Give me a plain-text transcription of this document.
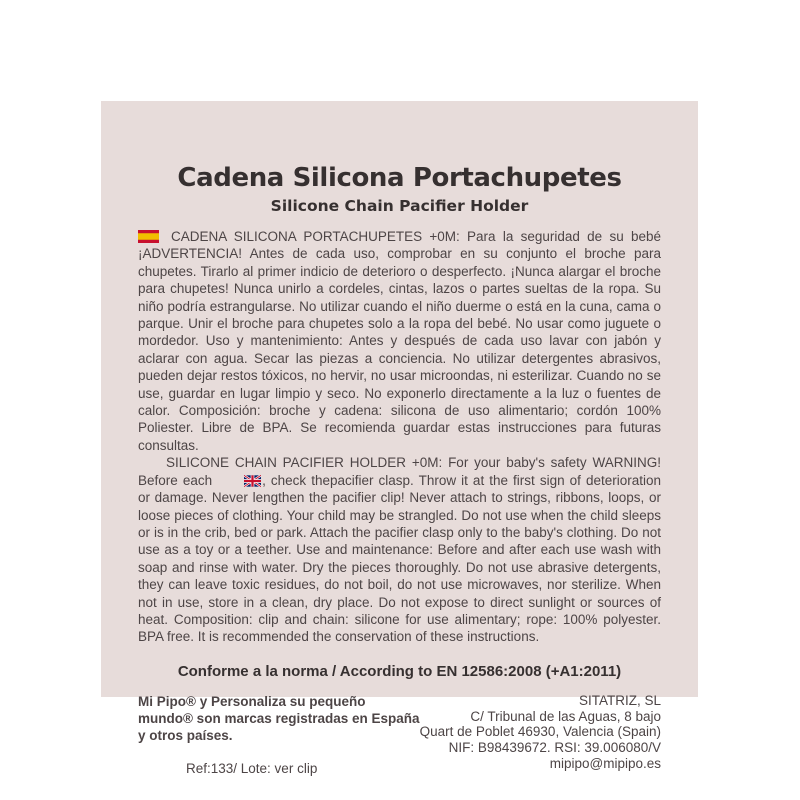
Cadena Silicona Portachupetes
Silicone Chain Pacifier Holder

CADENA SILICONA PORTACHUPETES +0M: Para la seguridad de su bebé ¡ADVERTENCIA! Antes de cada uso, comprobar en su conjunto el broche para chupetes. Tirarlo al primer indicio de deterioro o desperfecto. ¡Nunca alargar el broche para chupetes! Nunca unirlo a cordeles, cintas, lazos o partes sueltas de la ropa. Su niño podría estrangularse. No utilizar cuando el niño duerme o está en la cuna, cama o parque. Unir el broche para chupetes solo a la ropa del bebé. No usar como juguete o mordedor. Uso y mantenimiento: Antes y después de cada uso lavar con jabón y aclarar con agua. Secar las piezas a conciencia. No utilizar detergentes abrasivos, pueden dejar restos tóxicos, no hervir, no usar microondas, ni esterilizar. Cuando no se use, guardar en lugar limpio y seco. No exponerlo directamente a la luz o fuentes de calor. Composición: broche y cadena: silicona de uso alimentario; cordón 100% Poliester. Libre de BPA. Se recomienda guardar estas instrucciones para futuras consultas.

SILICONE CHAIN PACIFIER HOLDER +0M: For your baby's safety WARNING! Before each	, check thepacifier clasp. Throw it at the first sign of deterioration or damage. Never lengthen the pacifier clip! Never attach to strings, ribbons, loops, or loose pieces of clothing. Your child may be strangled. Do not use when the child sleeps or is in the crib, bed or park. Attach the pacifier clasp only to the baby's clothing. Do not use as a toy or a teether. Use and maintenance: Before and after each use wash with soap and rinse with water. Dry the pieces thoroughly. Do not use abrasive detergents, they can leave toxic residues, do not boil, do not use microwaves, nor sterilize. When not in use, store in a clean, dry place. Do not expose to direct sunlight or sources of heat. Composition: clip and chain: silicone for use alimentary; rope: 100% polyester. BPA free. It is recommended the conservation of these instructions.

Conforme a la norma / According to EN 12586:2008 (+A1:2011)

Mi Pipo® y Personaliza su pequeño mundo® son marcas registradas en España y otros países.

Ref:133/ Lote: ver clip

SITATRIZ, SL
C/ Tribunal de las Aguas, 8 bajo
Quart de Poblet 46930, Valencia (Spain)
NIF: B98439672. RSI: 39.006080/V
mipipo@mipipo.es
